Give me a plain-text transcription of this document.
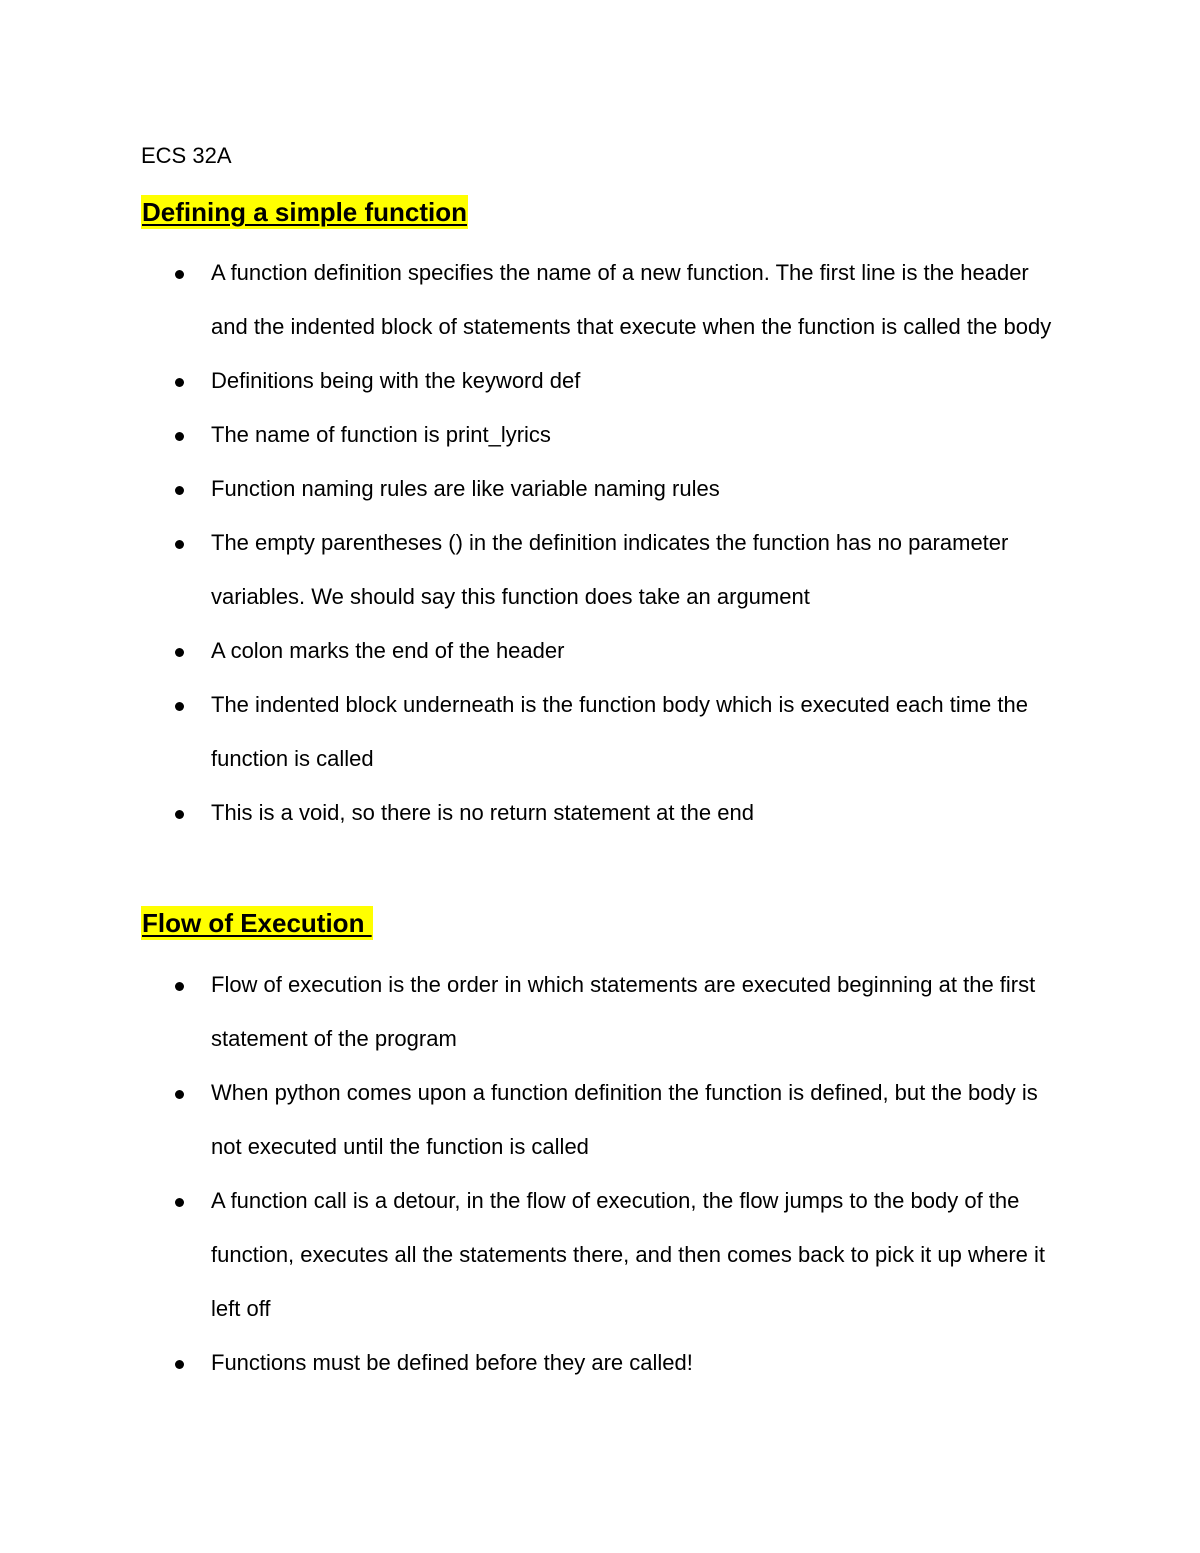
ECS 32A
Defining a simple function
A function definition specifies the name of a new function. The first line is the header and the indented block of statements that execute when the function is called the body
Definitions being with the keyword def
The name of function is print_lyrics
Function naming rules are like variable naming rules
The empty parentheses () in the definition indicates the function has no parameter variables. We should say this function does take an argument
A colon marks the end of the header
The indented block underneath is the function body which is executed each time the function is called
This is a void, so there is no return statement at the end
Flow of Execution
Flow of execution is the order in which statements are executed beginning at the first statement of the program
When python comes upon a function definition the function is defined, but the body is not executed until the function is called
A function call is a detour, in the flow of execution, the flow jumps to the body of the function, executes all the statements there, and then comes back to pick it up where it left off
Functions must be defined before they are called!
